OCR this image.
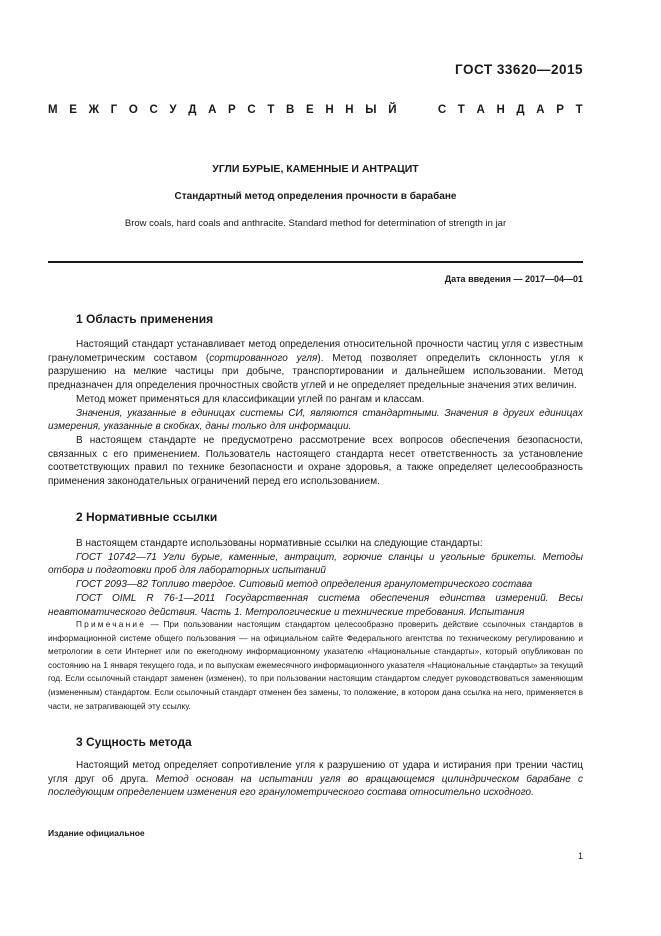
ГОСТ 33620—2015
М Е Ж Г О С У Д А Р С Т В Е Н Н Ы Й

	С Т А Н Д А Р Т
УГЛИ БУРЫЕ, КАМЕННЫЕ И АНТРАЦИТ
Стандартный метод определения прочности в барабане
Brow coals, hard coals and anthracite. Standard method for determination of strength in jar
Дата введения — 2017—04—01
1 Область применения

Настоящий стандарт устанавливает метод определения относительной прочности частиц угля с известным гранулометрическим составом (сортированного угля). Метод позволяет определить склонность угля к разрушению на мелкие частицы при добыче, транспортировании и дальнейшем использовании. Метод предназначен для определения прочностных свойств углей и не определяет предельные значения этих величин.

Метод может применяться для классификации углей по рангам и классам.

Значения, указанные в единицах системы СИ, являются стандартными. Значения в других единицах измерения, указанные в скобках, даны только для информации.

В настоящем стандарте не предусмотрено рассмотрение всех вопросов обеспечения безопасности, связанных с его применением. Пользователь настоящего стандарта несет ответственность за установление соответствующих правил по технике безопасности и охране здоровья, а также определяет целесообразность применения законодательных ограничений перед его использованием.

2 Нормативные ссылки

В настоящем стандарте использованы нормативные ссылки на следующие стандарты:

ГОСТ 10742—71 Угли бурые, каменные, антрацит, горючие сланцы и угольные брикеты. Методы отбора и подготовки проб для лабораторных испытаний

ГОСТ 2093—82 Топливо твердое. Ситовый метод определения гранулометрического состава

ГОСТ OIML R 76-1—2011 Государственная система обеспечения единства измерений. Весы неавтоматического действия. Часть 1. Метрологические и технические требования. Испытания

Примечание — При пользовании настоящим стандартом целесообразно проверить действие ссылочных стандартов в информационной системе общего пользования — на официальном сайте Федерального агентства по техническому регулированию и метрологии в сети Интернет или по ежегодному информационному указателю «Национальные стандарты», который опубликован по состоянию на 1 января текущего года, и по выпускам ежемесячного информационного указателя «Национальные стандарты» за текущий год. Если ссылочный стандарт заменен (изменен), то при пользовании настоящим стандартом следует руководствоваться заменяющим (измененным) стандартом. Если ссылочный стандарт отменен без замены, то положение, в котором дана ссылка на него, применяется в части, не затрагивающей эту ссылку.

3 Сущность метода

Настоящий метод определяет сопротивление угля к разрушению от удара и истирания при трении частиц угля друг об друга. Метод основан на испытании угля во вращающемся цилиндрическом барабане с последующим определением изменения его гранулометрического состава относительно исходного.

Издание официальное
1
